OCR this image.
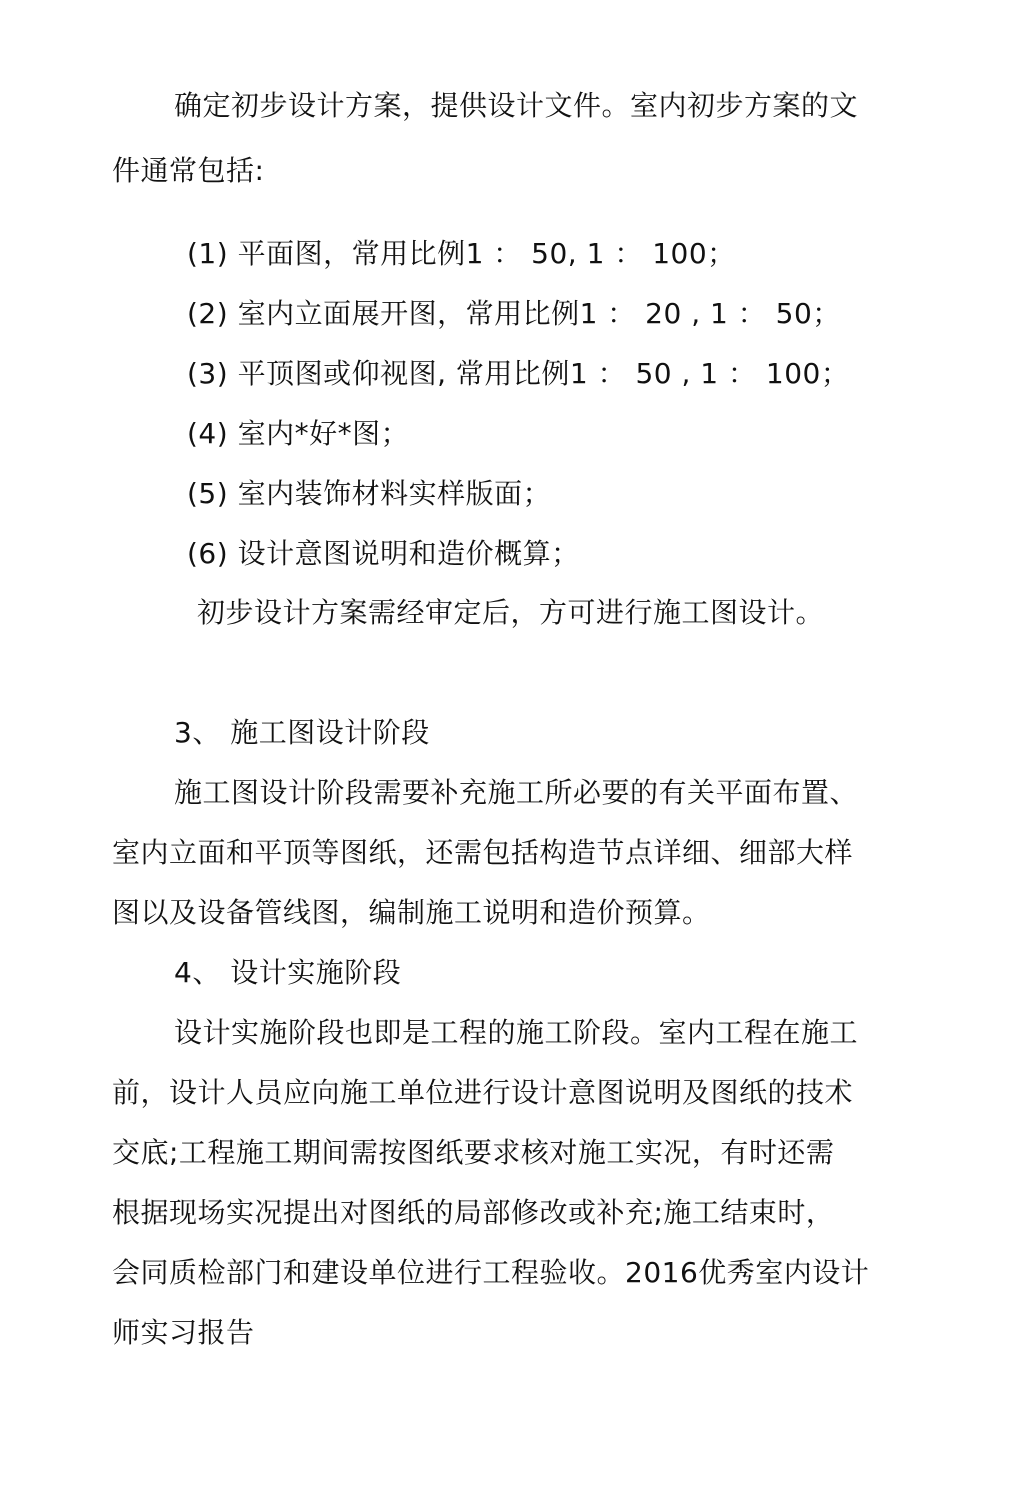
确定初步设计方案，提供设计文件。室内初步方案的文
件通常包括:
(1) 平面图，常用比例1 ： 50, 1 ： 100；
(2) 室内立面展开图，常用比例1 ： 20 , 1 ： 50；
(3) 平顶图或仰视图, 常用比例1 ： 50 , 1 ： 100；
(4) 室内*好*图；
(5) 室内装饰材料实样版面；
(6) 设计意图说明和造价概算；
初步设计方案需经审定后，方可进行施工图设计。
3、 施工图设计阶段
施工图设计阶段需要补充施工所必要的有关平面布置、
室内立面和平顶等图纸，还需包括构造节点详细、细部大样
图以及设备管线图，编制施工说明和造价预算。
4、 设计实施阶段
设计实施阶段也即是工程的施工阶段。室内工程在施工
前，设计人员应向施工单位进行设计意图说明及图纸的技术
交底;工程施工期间需按图纸要求核对施工实况，有时还需
根据现场实况提出对图纸的局部修改或补充;施工结束时，
会同质检部门和建设单位进行工程验收。2016优秀室内设计
师实习报告
